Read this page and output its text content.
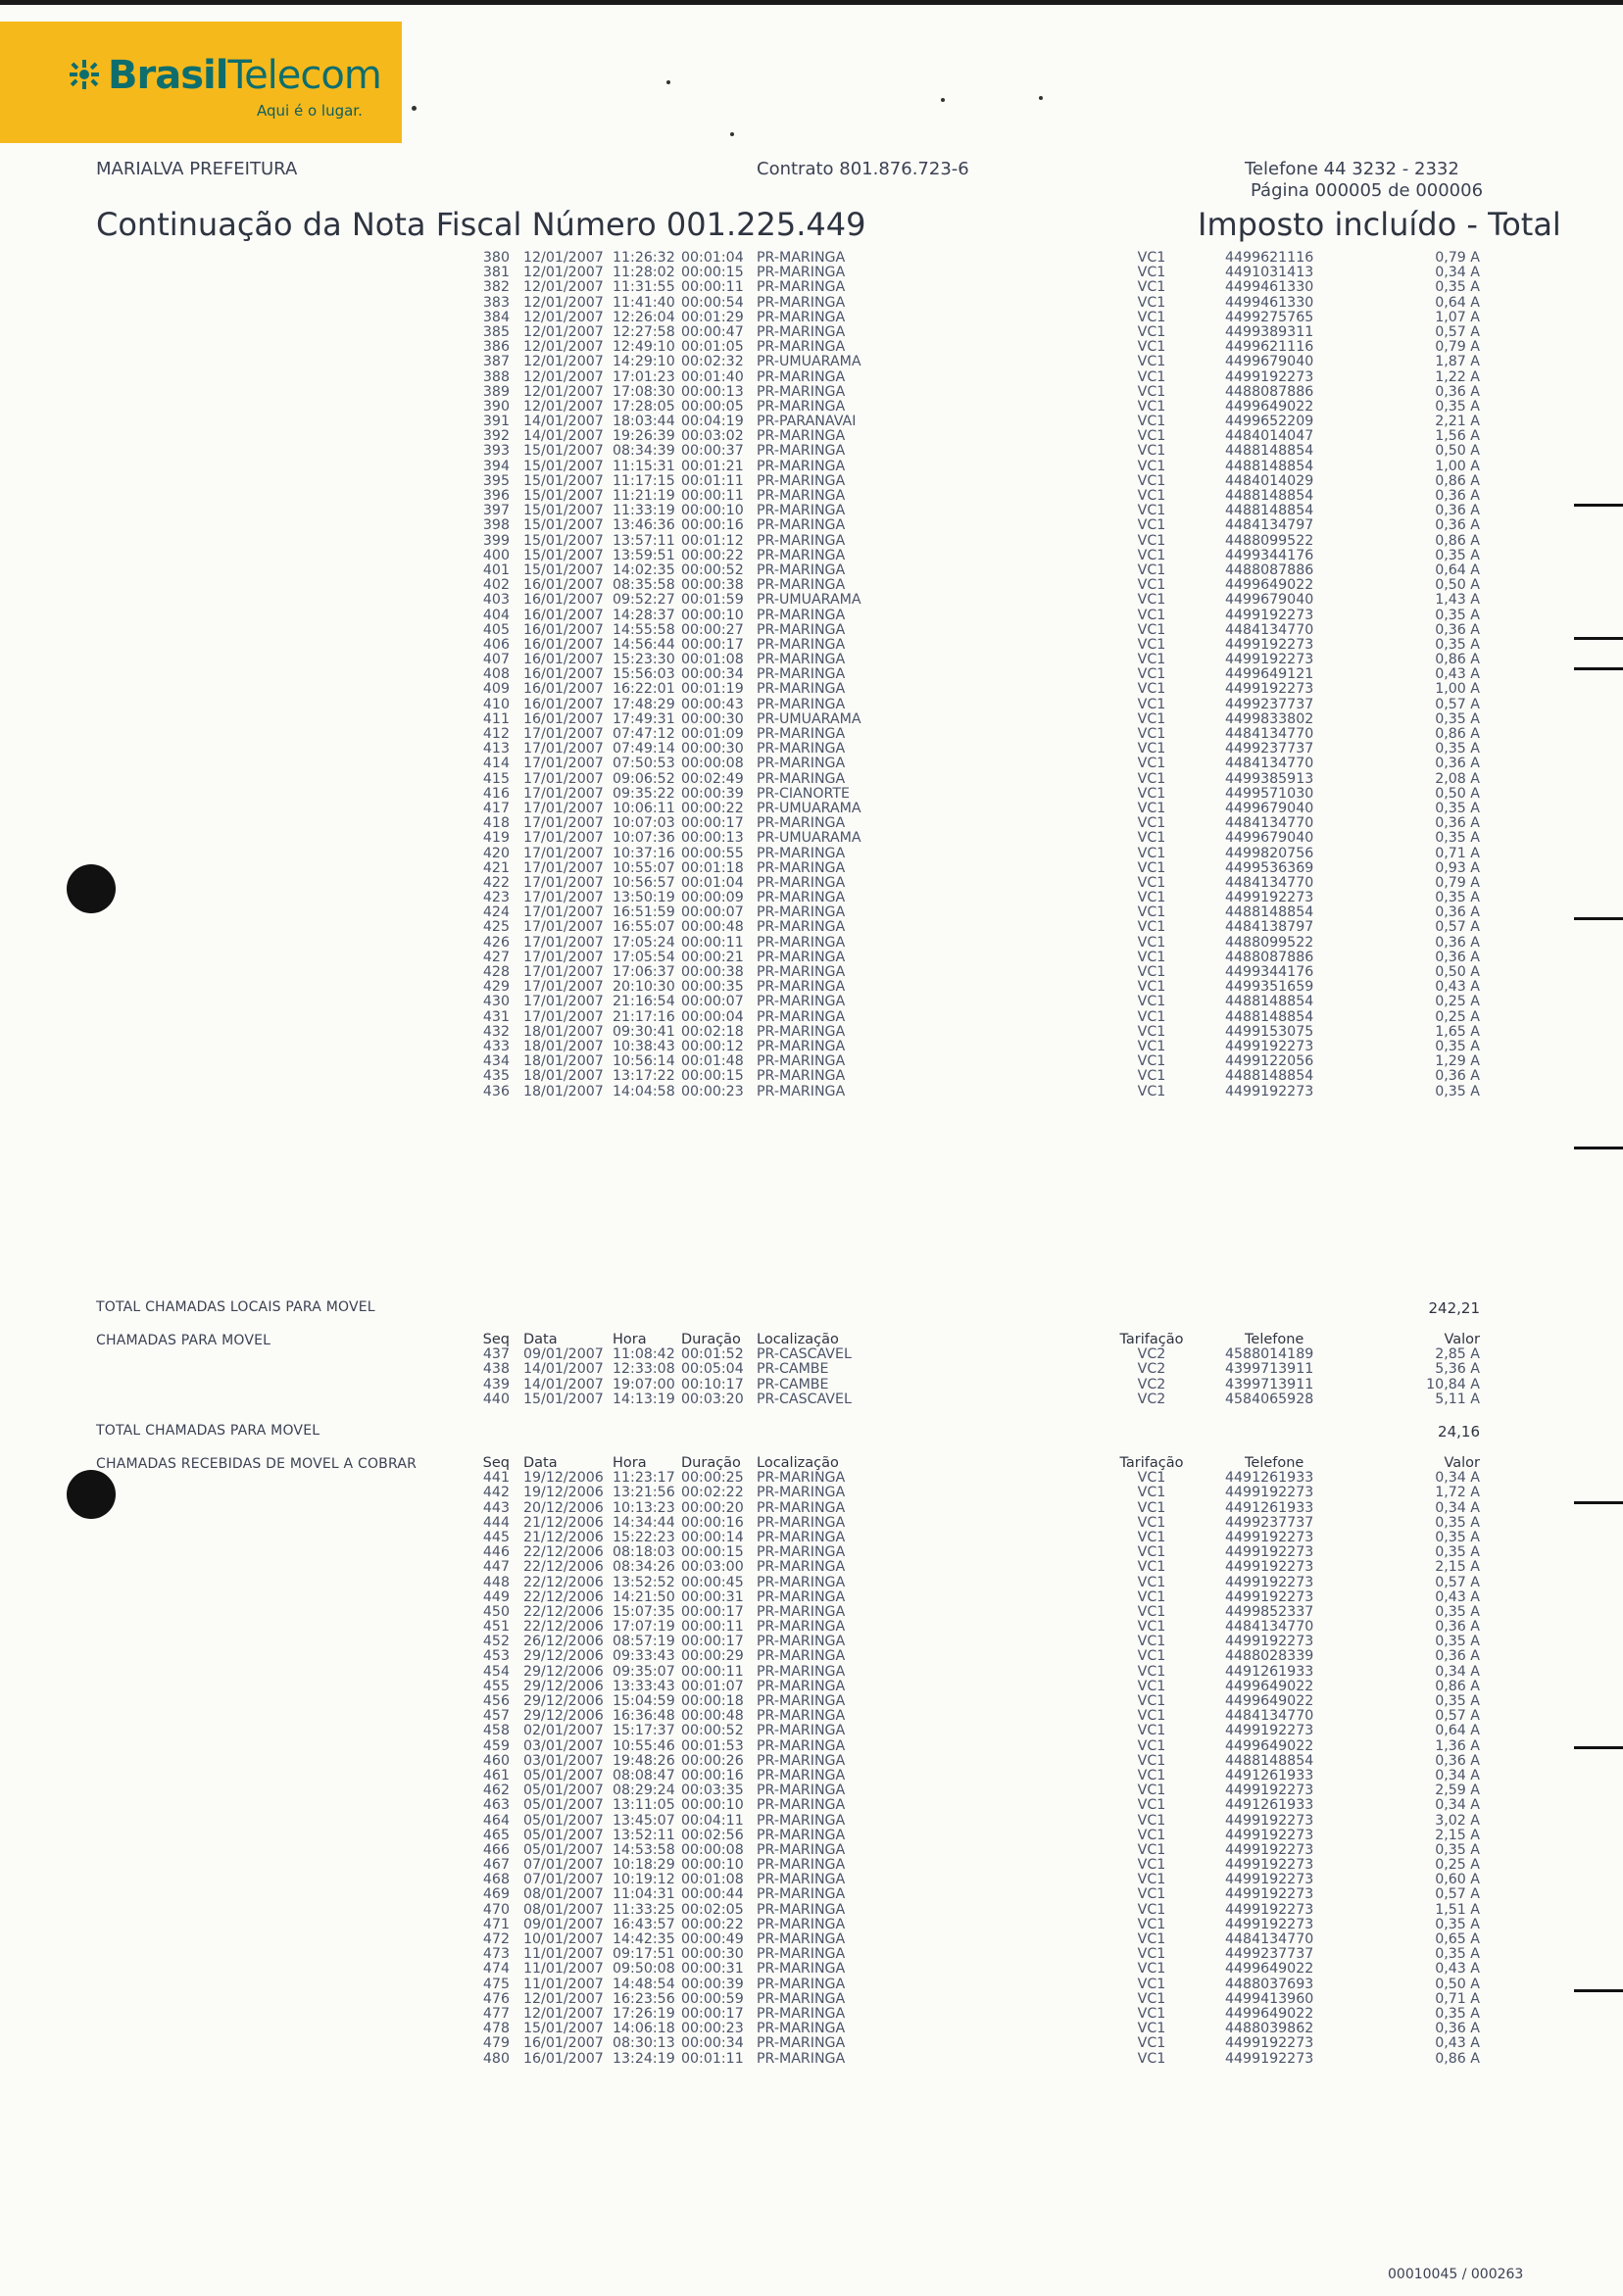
BrasilTelecom
Aqui é o lugar.
MARIALVA PREFEITURA	Contrato 801.876.723-6	Telefone 44 3232 - 2332
Página 000005 de 000006
Continuação da Nota Fiscal Número 001.225.449	Imposto incluído - Total
380 12/01/2007 11:26:32 00:01:04 PR-MARINGA	VC1	4499621116	0,79 A
381 12/01/2007 11:28:02 00:00:15 PR-MARINGA	VC1	4491031413	0,34 A
382 12/01/2007 11:31:55 00:00:11 PR-MARINGA	VC1	4499461330	0,35 A
383 12/01/2007 11:41:40 00:00:54 PR-MARINGA	VC1	4499461330	0,64 A
384 12/01/2007 12:26:04 00:01:29 PR-MARINGA	VC1	4499275765	1,07 A
385 12/01/2007 12:27:58 00:00:47 PR-MARINGA	VC1	4499389311	0,57 A
386 12/01/2007 12:49:10 00:01:05 PR-MARINGA	VC1	4499621116	0,79 A
387 12/01/2007 14:29:10 00:02:32 PR-UMUARAMA	VC1	4499679040	1,87 A
388 12/01/2007 17:01:23 00:01:40 PR-MARINGA	VC1	4499192273	1,22 A
389 12/01/2007 17:08:30 00:00:13 PR-MARINGA	VC1	4488087886	0,36 A
390 12/01/2007 17:28:05 00:00:05 PR-MARINGA	VC1	4499649022	0,35 A
391 14/01/2007 18:03:44 00:04:19 PR-PARANAVAI	VC1	4499652209	2,21 A
392 14/01/2007 19:26:39 00:03:02 PR-MARINGA	VC1	4484014047	1,56 A
393 15/01/2007 08:34:39 00:00:37 PR-MARINGA	VC1	4488148854	0,50 A
394 15/01/2007 11:15:31 00:01:21 PR-MARINGA	VC1	4488148854	1,00 A
395 15/01/2007 11:17:15 00:01:11 PR-MARINGA	VC1	4484014029	0,86 A
396 15/01/2007 11:21:19 00:00:11 PR-MARINGA	VC1	4488148854	0,36 A
397 15/01/2007 11:33:19 00:00:10 PR-MARINGA	VC1	4488148854	0,36 A
398 15/01/2007 13:46:36 00:00:16 PR-MARINGA	VC1	4484134797	0,36 A
399 15/01/2007 13:57:11 00:01:12 PR-MARINGA	VC1	4488099522	0,86 A
400 15/01/2007 13:59:51 00:00:22 PR-MARINGA	VC1	4499344176	0,35 A
401 15/01/2007 14:02:35 00:00:52 PR-MARINGA	VC1	4488087886	0,64 A
402 16/01/2007 08:35:58 00:00:38 PR-MARINGA	VC1	4499649022	0,50 A
403 16/01/2007 09:52:27 00:01:59 PR-UMUARAMA	VC1	4499679040	1,43 A
404 16/01/2007 14:28:37 00:00:10 PR-MARINGA	VC1	4499192273	0,35 A
405 16/01/2007 14:55:58 00:00:27 PR-MARINGA	VC1	4484134770	0,36 A
406 16/01/2007 14:56:44 00:00:17 PR-MARINGA	VC1	4499192273	0,35 A
407 16/01/2007 15:23:30 00:01:08 PR-MARINGA	VC1	4499192273	0,86 A
408 16/01/2007 15:56:03 00:00:34 PR-MARINGA	VC1	4499649121	0,43 A
409 16/01/2007 16:22:01 00:01:19 PR-MARINGA	VC1	4499192273	1,00 A
410 16/01/2007 17:48:29 00:00:43 PR-MARINGA	VC1	4499237737	0,57 A
411 16/01/2007 17:49:31 00:00:30 PR-UMUARAMA	VC1	4499833802	0,35 A
412 17/01/2007 07:47:12 00:01:09 PR-MARINGA	VC1	4484134770	0,86 A
413 17/01/2007 07:49:14 00:00:30 PR-MARINGA	VC1	4499237737	0,35 A
414 17/01/2007 07:50:53 00:00:08 PR-MARINGA	VC1	4484134770	0,36 A
415 17/01/2007 09:06:52 00:02:49 PR-MARINGA	VC1	4499385913	2,08 A
416 17/01/2007 09:35:22 00:00:39 PR-CIANORTE	VC1	4499571030	0,50 A
417 17/01/2007 10:06:11 00:00:22 PR-UMUARAMA	VC1	4499679040	0,35 A
418 17/01/2007 10:07:03 00:00:17 PR-MARINGA	VC1	4484134770	0,36 A
419 17/01/2007 10:07:36 00:00:13 PR-UMUARAMA	VC1	4499679040	0,35 A
420 17/01/2007 10:37:16 00:00:55 PR-MARINGA	VC1	4499820756	0,71 A
421 17/01/2007 10:55:07 00:01:18 PR-MARINGA	VC1	4499536369	0,93 A
422 17/01/2007 10:56:57 00:01:04 PR-MARINGA	VC1	4484134770	0,79 A
423 17/01/2007 13:50:19 00:00:09 PR-MARINGA	VC1	4499192273	0,35 A
424 17/01/2007 16:51:59 00:00:07 PR-MARINGA	VC1	4488148854	0,36 A
425 17/01/2007 16:55:07 00:00:48 PR-MARINGA	VC1	4484138797	0,57 A
426 17/01/2007 17:05:24 00:00:11 PR-MARINGA	VC1	4488099522	0,36 A
427 17/01/2007 17:05:54 00:00:21 PR-MARINGA	VC1	4488087886	0,36 A
428 17/01/2007 17:06:37 00:00:38 PR-MARINGA	VC1	4499344176	0,50 A
429 17/01/2007 20:10:30 00:00:35 PR-MARINGA	VC1	4499351659	0,43 A
430 17/01/2007 21:16:54 00:00:07 PR-MARINGA	VC1	4488148854	0,25 A
431 17/01/2007 21:17:16 00:00:04 PR-MARINGA	VC1	4488148854	0,25 A
432 18/01/2007 09:30:41 00:02:18 PR-MARINGA	VC1	4499153075	1,65 A
433 18/01/2007 10:38:43 00:00:12 PR-MARINGA	VC1	4499192273	0,35 A
434 18/01/2007 10:56:14 00:01:48 PR-MARINGA	VC1	4499122056	1,29 A
435 18/01/2007 13:17:22 00:00:15 PR-MARINGA	VC1	4488148854	0,36 A
436 18/01/2007 14:04:58 00:00:23 PR-MARINGA	VC1	4499192273	0,35 A
TOTAL CHAMADAS LOCAIS PARA MOVEL	242,21
CHAMADAS PARA MOVEL	Seq Data	Hora Duração Localização	Tarifação	Telefone	Valor
437 09/01/2007 11:08:42 00:01:52 PR-CASCAVEL	VC2	4588014189	2,85 A
438 14/01/2007 12:33:08 00:05:04 PR-CAMBE	VC2	4399713911	5,36 A
439 14/01/2007 19:07:00 00:10:17 PR-CAMBE	VC2	4399713911	10,84 A
440 15/01/2007 14:13:19 00:03:20 PR-CASCAVEL	VC2	4584065928	5,11 A
TOTAL CHAMADAS PARA MOVEL	24,16
CHAMADAS RECEBIDAS DE MOVEL A COBRAR	Seq Data	Hora Duração Localização	Tarifação	Telefone	Valor
441 19/12/2006 11:23:17 00:00:25 PR-MARINGA	VC1	4491261933	0,34 A
442 19/12/2006 13:21:56 00:02:22 PR-MARINGA	VC1	4499192273	1,72 A
443 20/12/2006 10:13:23 00:00:20 PR-MARINGA	VC1	4491261933	0,34 A
444 21/12/2006 14:34:44 00:00:16 PR-MARINGA	VC1	4499237737	0,35 A
445 21/12/2006 15:22:23 00:00:14 PR-MARINGA	VC1	4499192273	0,35 A
446 22/12/2006 08:18:03 00:00:15 PR-MARINGA	VC1	4499192273	0,35 A
447 22/12/2006 08:34:26 00:03:00 PR-MARINGA	VC1	4499192273	2,15 A
448 22/12/2006 13:52:52 00:00:45 PR-MARINGA	VC1	4499192273	0,57 A
449 22/12/2006 14:21:50 00:00:31 PR-MARINGA	VC1	4499192273	0,43 A
450 22/12/2006 15:07:35 00:00:17 PR-MARINGA	VC1	4499852337	0,35 A
451 22/12/2006 17:07:19 00:00:11 PR-MARINGA	VC1	4484134770	0,36 A
452 26/12/2006 08:57:19 00:00:17 PR-MARINGA	VC1	4499192273	0,35 A
453 29/12/2006 09:33:43 00:00:29 PR-MARINGA	VC1	4488028339	0,36 A
454 29/12/2006 09:35:07 00:00:11 PR-MARINGA	VC1	4491261933	0,34 A
455 29/12/2006 13:33:43 00:01:07 PR-MARINGA	VC1	4499649022	0,86 A
456 29/12/2006 15:04:59 00:00:18 PR-MARINGA	VC1	4499649022	0,35 A
457 29/12/2006 16:36:48 00:00:48 PR-MARINGA	VC1	4484134770	0,57 A
458 02/01/2007 15:17:37 00:00:52 PR-MARINGA	VC1	4499192273	0,64 A
459 03/01/2007 10:55:46 00:01:53 PR-MARINGA	VC1	4499649022	1,36 A
460 03/01/2007 19:48:26 00:00:26 PR-MARINGA	VC1	4488148854	0,36 A
461 05/01/2007 08:08:47 00:00:16 PR-MARINGA	VC1	4491261933	0,34 A
462 05/01/2007 08:29:24 00:03:35 PR-MARINGA	VC1	4499192273	2,59 A
463 05/01/2007 13:11:05 00:00:10 PR-MARINGA	VC1	4491261933	0,34 A
464 05/01/2007 13:45:07 00:04:11 PR-MARINGA	VC1	4499192273	3,02 A
465 05/01/2007 13:52:11 00:02:56 PR-MARINGA	VC1	4499192273	2,15 A
466 05/01/2007 14:53:58 00:00:08 PR-MARINGA	VC1	4499192273	0,35 A
467 07/01/2007 10:18:29 00:00:10 PR-MARINGA	VC1	4499192273	0,25 A
468 07/01/2007 10:19:12 00:01:08 PR-MARINGA	VC1	4499192273	0,60 A
469 08/01/2007 11:04:31 00:00:44 PR-MARINGA	VC1	4499192273	0,57 A
470 08/01/2007 11:33:25 00:02:05 PR-MARINGA	VC1	4499192273	1,51 A
471 09/01/2007 16:43:57 00:00:22 PR-MARINGA	VC1	4499192273	0,35 A
472 10/01/2007 14:42:35 00:00:49 PR-MARINGA	VC1	4484134770	0,65 A
473 11/01/2007 09:17:51 00:00:30 PR-MARINGA	VC1	4499237737	0,35 A
474 11/01/2007 09:50:08 00:00:31 PR-MARINGA	VC1	4499649022	0,43 A
475 11/01/2007 14:48:54 00:00:39 PR-MARINGA	VC1	4488037693	0,50 A
476 12/01/2007 16:23:56 00:00:59 PR-MARINGA	VC1	4499413960	0,71 A
477 12/01/2007 17:26:19 00:00:17 PR-MARINGA	VC1	4499649022	0,35 A
478 15/01/2007 14:06:18 00:00:23 PR-MARINGA	VC1	4488039862	0,36 A
479 16/01/2007 08:30:13 00:00:34 PR-MARINGA	VC1	4499192273	0,43 A
480 16/01/2007 13:24:19 00:01:11 PR-MARINGA	VC1	4499192273	0,86 A
00010045 / 000263
